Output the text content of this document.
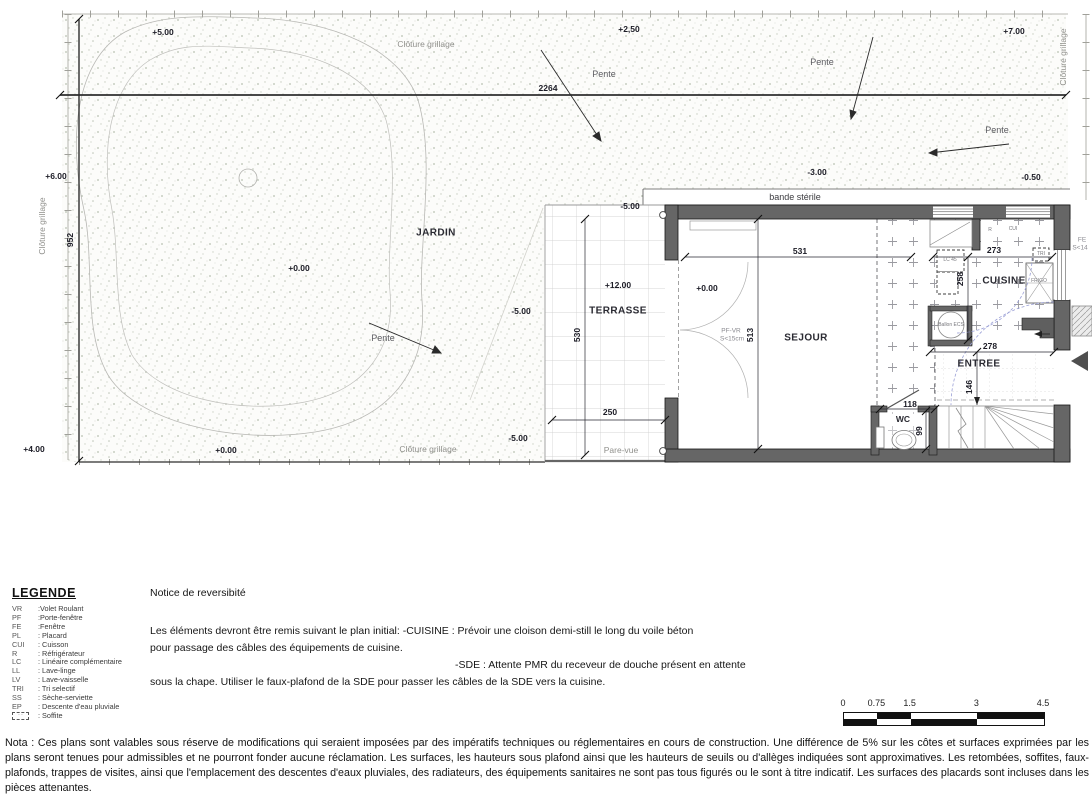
+5.00
Clôture grillage
+2,50
Pente
Pente
+7.00	Clôture grillage
2264
Pente
+6.00	-3.00	-0.50
bande stérile
-5.00
JARDIN
+0.00
952
Clôture grillage
-5.00
Pente
-5.00
+4.00	+0.00	Clôture grillage
+12.00
TERRASSE
530
250
Pare-vue
531
+0.00
PF-VR
S<15cm 513	SEJOUR
273
CUISINE
258
278
ENTREE
146
118
WC
99
FE
S<14
R	CUI
TRI
FRIGO
LC 45
Ballon ECS
LEGENDE
VR :Volet Roulant
PF :Porte-fenêtre
FE :Fenêtre
PL : Placard
CUI : Cuisson
R	: Réfrigérateur
LC : Linéaire complémentaire
LL : Lave-linge
LV : Lave-vaisselle
TRI : Tri selectif
SS : Sèche-serviette
EP : Descente d'eau pluviale
· · : Soffite
Notice de reversibité
Les éléments devront être remis suivant le plan initial: -CUISINE : Prévoir une cloison demi-still le long du voile béton
pour passage des câbles des équipements de cuisine.
-SDE : Attente PMR du receveur de douche présent en attente
sous la chape. Utiliser le faux-plafond de la SDE pour passer les câbles de la SDE vers la cuisine.
0 0.75 1.5	3	4.5
Nota : Ces plans sont valables sous réserve de modifications qui seraient imposées par des impératifs techniques ou réglementaires en cours de construction. Une différence de 5% sur les côtes et surfaces exprimées par les plans seront tenues pour admissibles et ne pourront fonder aucune réclamation. Les surfaces, les hauteurs sous plafond ainsi que les hauteurs de seuils ou d'allèges indiquées sont approximatives. Les retombées, soffites, faux-plafonds, trappes de visites, ainsi que l'emplacement des descentes d'eaux pluviales, des radiateurs, des équipements sanitaires ne sont pas tous figurés ou le sont à titre indicatif. Les surfaces des placards sont incluses dans les pièces attenantes.
